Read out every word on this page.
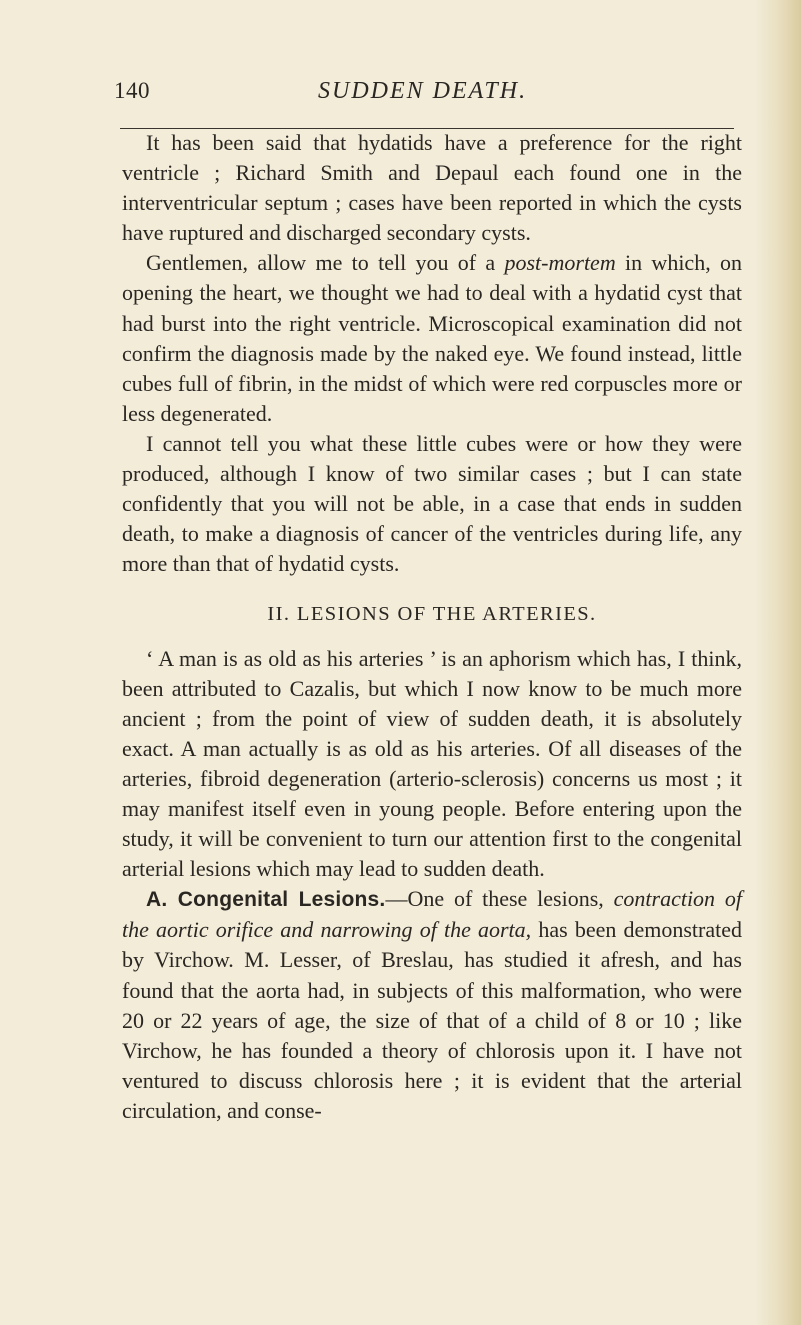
140	SUDDEN DEATH.

It has been said that hydatids have a preference for the right ventricle ; Richard Smith and Depaul each found one in the interventricular septum ; cases have been reported in which the cysts have ruptured and discharged secondary cysts.

Gentlemen, allow me to tell you of a post-mortem in which, on opening the heart, we thought we had to deal with a hydatid cyst that had burst into the right ventricle. Microscopical examination did not confirm the diagnosis made by the naked eye. We found instead, little cubes full of fibrin, in the midst of which were red corpuscles more or less degenerated.

I cannot tell you what these little cubes were or how they were produced, although I know of two similar cases ; but I can state confidently that you will not be able, in a case that ends in sudden death, to make a diagnosis of cancer of the ventricles during life, any more than that of hydatid cysts.

II. LESIONS OF THE ARTERIES.

‘ A man is as old as his arteries ’ is an aphorism which has, I think, been attributed to Cazalis, but which I now know to be much more ancient ; from the point of view of sudden death, it is absolutely exact. A man actually is as old as his arteries. Of all diseases of the arteries, fibroid degeneration (arterio-sclerosis) concerns us most ; it may manifest itself even in young people. Before entering upon the study, it will be convenient to turn our attention first to the congenital arterial lesions which may lead to sudden death.

A. Congenital Lesions.—One of these lesions, contraction of the aortic orifice and narrowing of the aorta, has been demonstrated by Virchow. M. Lesser, of Breslau, has studied it afresh, and has found that the aorta had, in subjects of this malformation, who were 20 or 22 years of age, the size of that of a child of 8 or 10 ; like Virchow, he has founded a theory of chlorosis upon it. I have not ventured to discuss chlorosis here ; it is evident that the arterial circulation, and conse-
